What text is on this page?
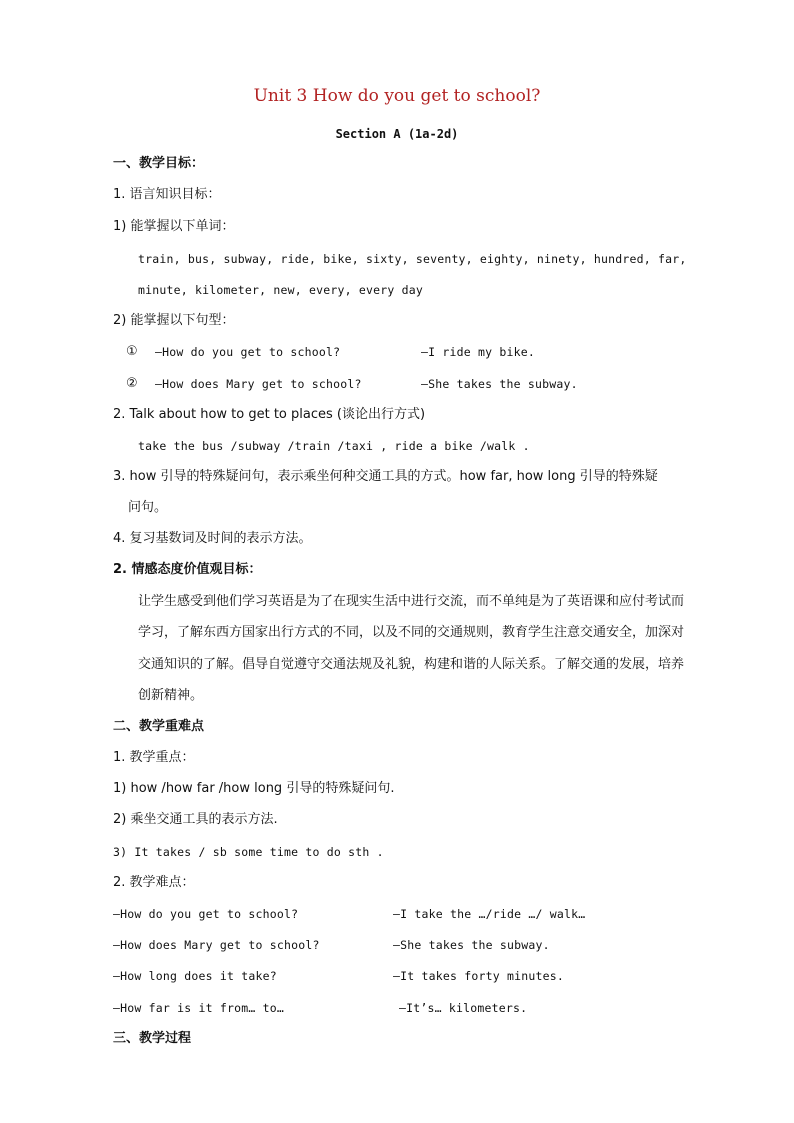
Unit 3 How do you get to school?
Section A (1a-2d)
一、教学目标：
1. 语言知识目标：
1) 能掌握以下单词：
train, bus, subway, ride, bike, sixty, seventy, eighty, ninety, hundred, far,
minute, kilometer, new, every, every day
2) 能掌握以下句型：
① —How do you get to school?	—I ride my bike.
② —How does Mary get to school?	—She takes the subway.
2. Talk about how to get to places (谈论出行方式)
take the bus /subway /train /taxi , ride a bike /walk .
3. how 引导的特殊疑问句，表示乘坐何种交通工具的方式。how far, how long 引导的特殊疑
问句。
4. 复习基数词及时间的表示方法。
2. 情感态度价值观目标：
让学生感受到他们学习英语是为了在现实生活中进行交流，而不单纯是为了英语课和应付考试而学习，了解东西方国家出行方式的不同，以及不同的交通规则，教育学生注意交通安全，加深对交通知识的了解。倡导自觉遵守交通法规及礼貌，构建和谐的人际关系。了解交通的发展，培养创新精神。
二、教学重难点
1. 教学重点：
1) how /how far /how long 引导的特殊疑问句.
2) 乘坐交通工具的表示方法.
3) It takes / sb some time to do sth .
2. 教学难点：
—How do you get to school?	—I take the …/ride …/ walk…
—How does Mary get to school?	—She takes the subway.
—How long does it take?	—It takes forty minutes.
—How far is it from… to…	—It’s… kilometers.
三、教学过程
